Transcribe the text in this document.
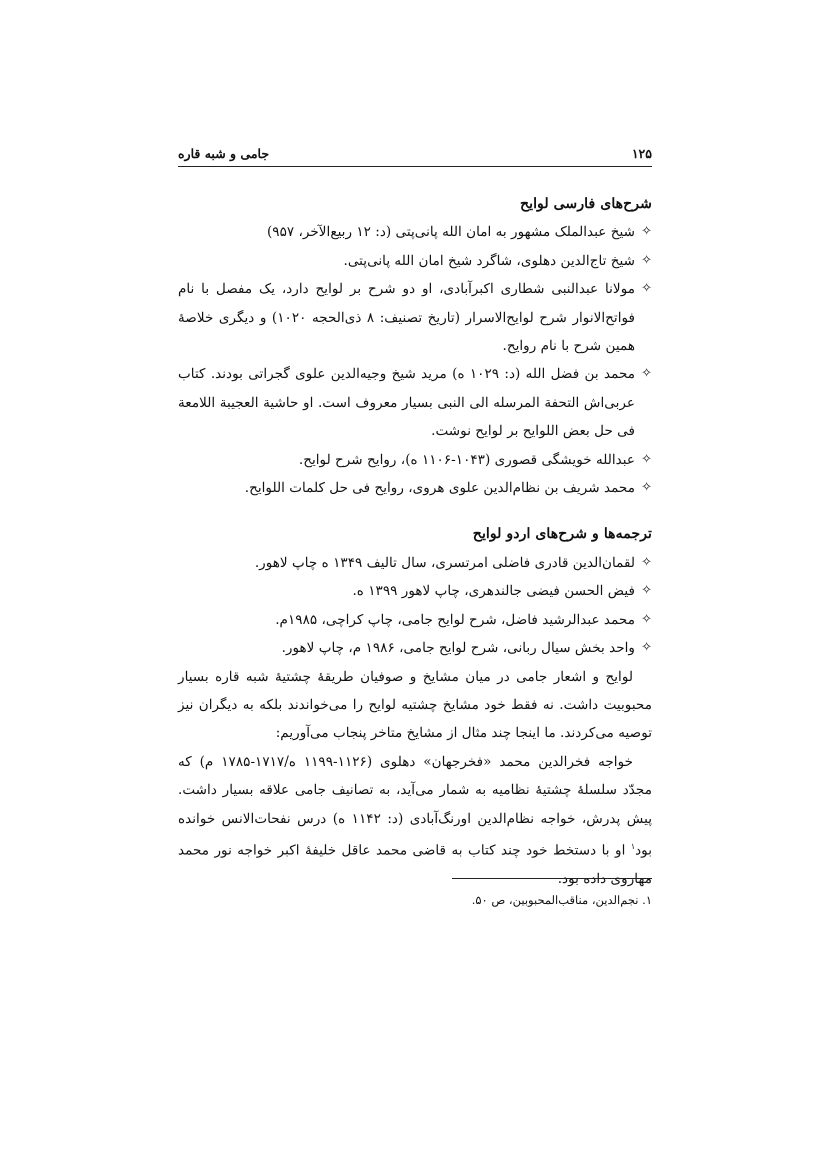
۱۲۵
جامی و شبه قاره
شرح‌های فارسی لوایح
✧
شیخ عبدالملک مشهور به امان الله پانی‌پتی (د: ۱۲ ربیع‌الآخر، ۹۵۷)
✧
شیخ تاج‌الدین دهلوی، شاگرد شیخ امان الله پانی‌پتی.
✧
مولانا عبدالنبی شطاری اکبرآبادی، او دو شرح بر لوایح دارد، یک مفصل با نام فواتح‌الانوار شرح لوایح‌الاسرار (تاریخ تصنیف: ۸ ذی‌الحجه ۱۰۲۰) و دیگری خلاصهٔ همین شرح با نام روایح.
✧
محمد بن فضل الله (د: ۱۰۲۹ ه) مرید شیخ وجیه‌الدین علوی گجراتی بودند. کتاب عربی‌اش التحفة المرسله الی النبی بسیار معروف است. او حاشیة العجیبة اللامعة فی حل بعض اللوایح بر لوایح نوشت.
✧
عبدالله خویشگی قصوری (۱۰۴۳-۱۱۰۶ ه)، روایح شرح لوایح.
✧
محمد شریف بن نظام‌الدین علوی هروی، روایح فی حل کلمات اللوایح.
ترجمه‌ها و شرح‌های اردو لوایح
✧
لقمان‌الدین قادری فاضلی امرتسری، سال تالیف ۱۳۴۹ ه چاپ لاهور.
✧
فیض الحسن فیضی جالندهری، چاپ لاهور ۱۳۹۹ ه.
✧
محمد عبدالرشید فاضل، شرح لوایح جامی، چاپ کراچی، ۱۹۸۵م.
✧
واحد بخش سیال ربانی، شرح لوایح جامی، ۱۹۸۶ م، چاپ لاهور.

لوایح و اشعار جامی در میان مشایخ و صوفیان طریقهٔ چشتیهٔ شبه قاره بسیار محبوبیت داشت. نه فقط خود مشایخ چشتیه لوایح را می‌خواندند بلکه به دیگران نیز توصیه می‌کردند. ما اینجا چند مثال از مشایخ متاخر پنجاب می‌آوریم:

خواجه فخرالدین محمد «فخرجهان» دهلوی (۱۱۲۶-۱۱۹۹ ه/۱۷۱۷-۱۷۸۵ م) که مجدّد سلسلهٔ چشتیهٔ نظامیه به شمار می‌آید، به تصانیف جامی علاقه بسیار داشت. پیش پدرش، خواجه نظام‌الدین اورنگ‌آبادی (د: ۱۱۴۲ ه) درس نفحات‌الانس خوانده بود$^۱$ او با دستخط خود چند کتاب به قاضی محمد عاقل خلیفهٔ اکبر خواجه نور محمد مهاروی داده بود.

۱. نجم‌الدین، مناقب‌المحبوبین، ص ۵۰.
